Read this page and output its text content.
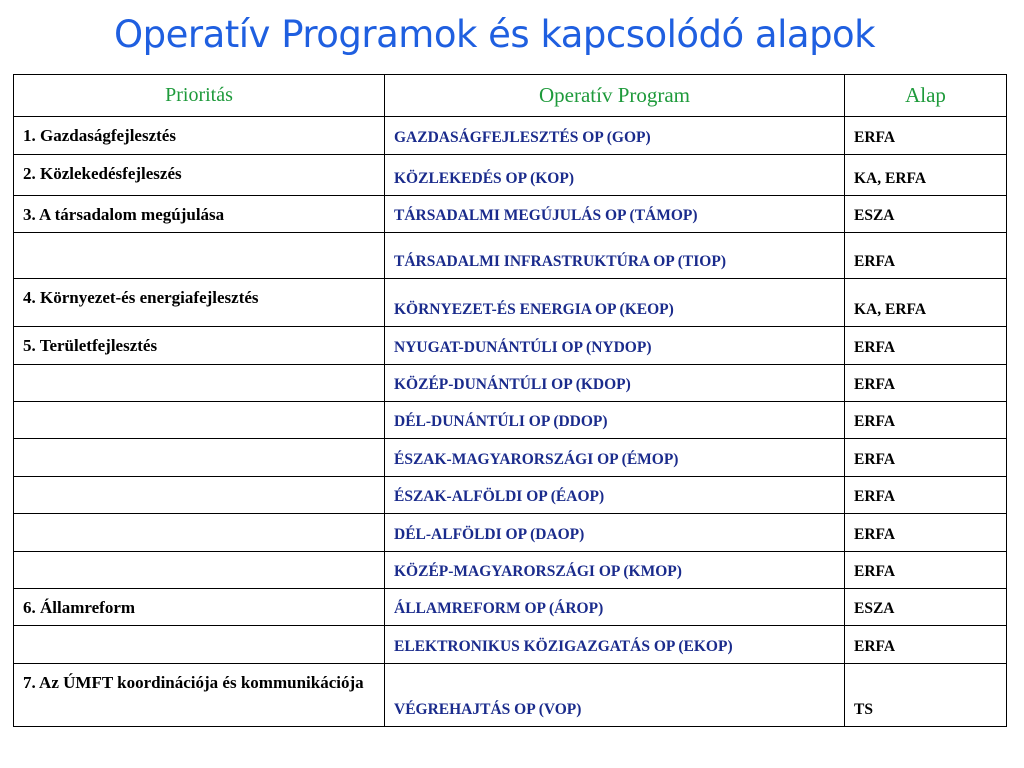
Operatív Programok és kapcsolódó alapok
Prioritás	Operatív Program	Alap
1. Gazdaságfejlesztés	GAZDASÁGFEJLESZTÉS OP (GOP)	ERFA
2. Közlekedésfejleszés	KÖZLEKEDÉS OP (KOP)	KA, ERFA
3. A társadalom megújulása	TÁRSADALMI MEGÚJULÁS OP (TÁMOP)	ESZA
	TÁRSADALMI INFRASTRUKTÚRA OP (TIOP)	ERFA
4. Környezet-és energiafejlesztés	KÖRNYEZET-ÉS ENERGIA OP (KEOP)	KA, ERFA
5. Területfejlesztés	NYUGAT-DUNÁNTÚLI OP (NYDOP)	ERFA
	KÖZÉP-DUNÁNTÚLI OP (KDOP)	ERFA
	DÉL-DUNÁNTÚLI OP (DDOP)	ERFA
	ÉSZAK-MAGYARORSZÁGI OP (ÉMOP)	ERFA
	ÉSZAK-ALFÖLDI OP (ÉAOP)	ERFA
	DÉL-ALFÖLDI OP (DAOP)	ERFA
	KÖZÉP-MAGYARORSZÁGI OP (KMOP)	ERFA
6. Államreform	ÁLLAMREFORM OP (ÁROP)	ESZA
	ELEKTRONIKUS KÖZIGAZGATÁS OP (EKOP)	ERFA
7. Az ÚMFT koordinációja és kommunikációja	VÉGREHAJTÁS OP (VOP)	TS
